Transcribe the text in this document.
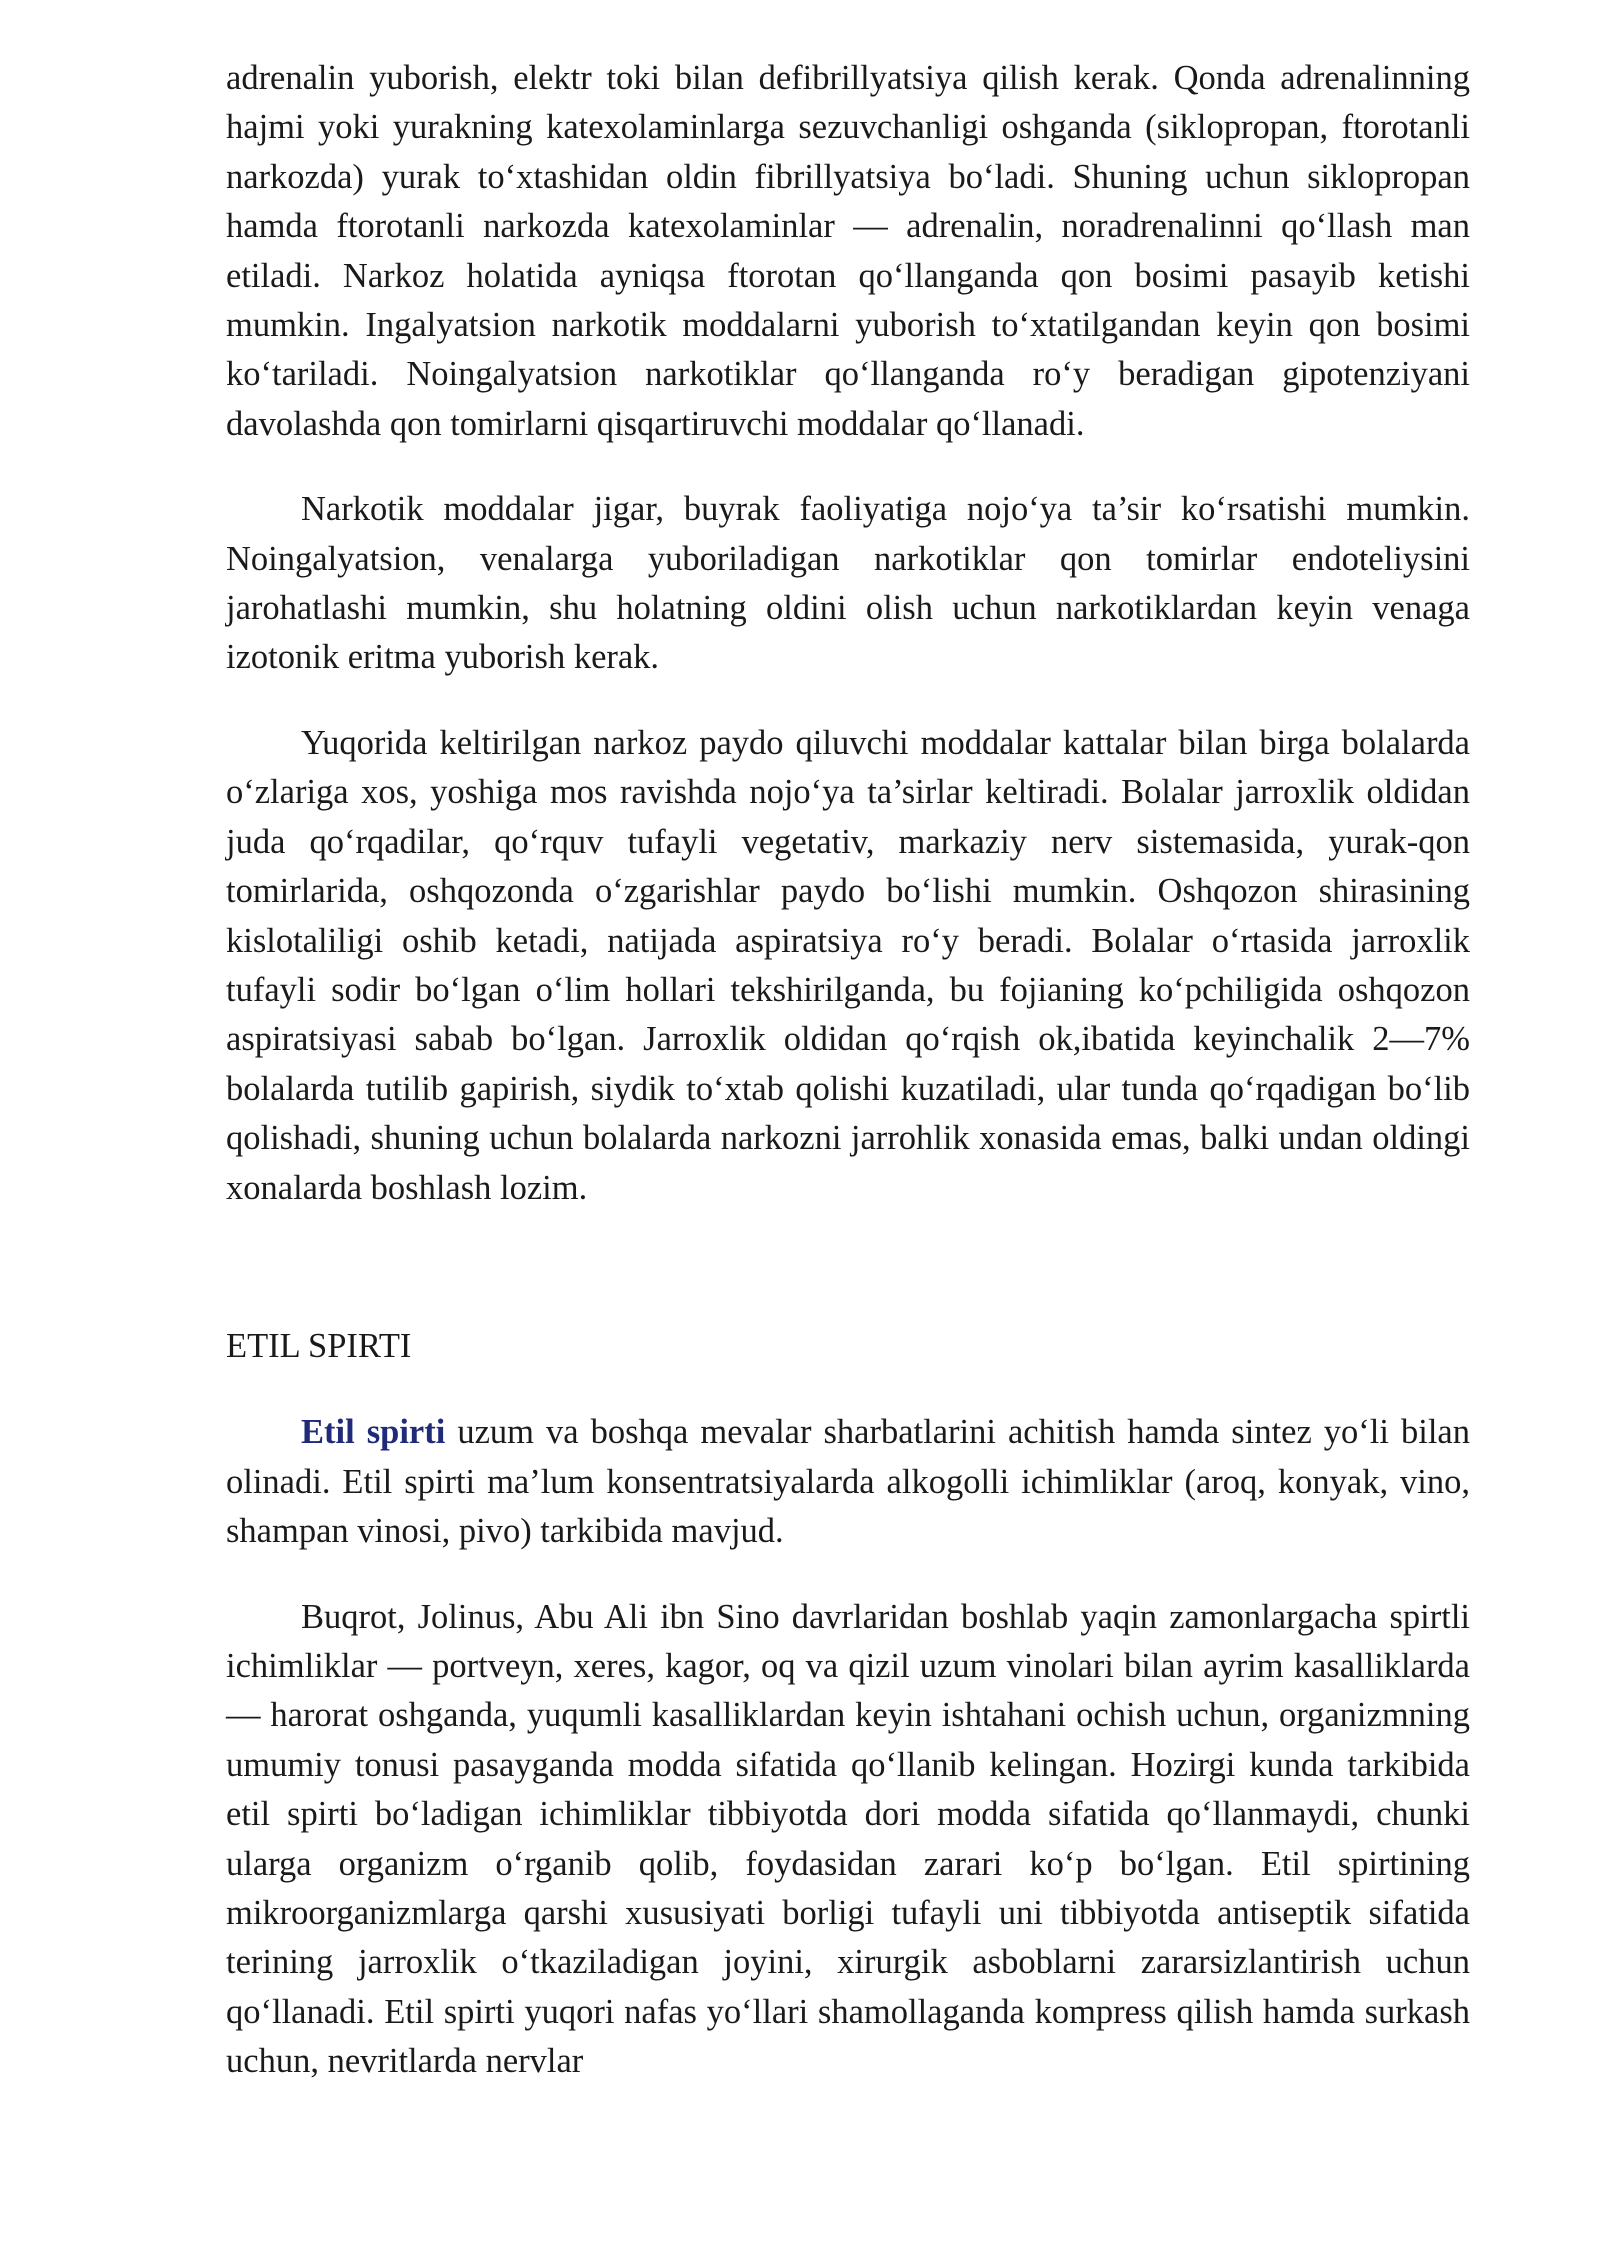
adrenalin yuborish, elektr toki bilan defibrillyatsiya qilish kerak. Qonda adrenalinning hajmi yoki yurakning katexolaminlarga sezuvchanligi oshganda (siklopropan, ftorotanli narkozda) yurak to‘xtashidan oldin fibrillyatsiya bo‘ladi. Shuning uchun siklopropan hamda ftorotanli narkozda katexolaminlar — adrenalin, noradrenalinni qo‘llash man etiladi. Narkoz holatida ayniqsa ftorotan qo‘llanganda qon bosimi pasayib ketishi mumkin. Ingalyatsion narkotik moddalarni yuborish to‘xtatilgandan keyin qon bosimi ko‘tariladi. Noingalyatsion narkotiklar qo‘llanganda ro‘y beradigan gipotenziyani davolashda qon tomirlarni qisqartiruvchi moddalar qo‘llanadi.

Narkotik moddalar jigar, buyrak faoliyatiga nojo‘ya ta’sir ko‘rsatishi mumkin. Noingalyatsion, venalarga yuboriladigan narkotiklar qon tomirlar endoteliysini jarohatlashi mumkin, shu holatning oldini olish uchun narkotiklardan keyin venaga izotonik eritma yuborish kerak.

Yuqorida keltirilgan narkoz paydo qiluvchi moddalar kattalar bilan birga bolalarda o‘zlariga xos, yoshiga mos ravishda nojo‘ya ta’sirlar keltiradi. Bolalar jarroxlik oldidan juda qo‘rqadilar, qo‘rquv tufayli vegetativ, markaziy nerv sistemasida, yurak-qon tomirlarida, oshqozonda o‘zgarishlar paydo bo‘lishi mumkin. Oshqozon shirasining kislotaliligi oshib ketadi, natijada aspiratsiya ro‘y beradi. Bolalar o‘rtasida jarroxlik tufayli sodir bo‘lgan o‘lim hollari tekshirilganda, bu fojianing ko‘pchiligida oshqozon aspiratsiyasi sabab bo‘lgan. Jarroxlik oldidan qo‘rqish ok,ibatida keyinchalik 2—7% bolalarda tutilib gapirish, siydik to‘xtab qolishi kuzatiladi, ular tunda qo‘rqadigan bo‘lib qolishadi, shuning uchun bolalarda narkozni jarrohlik xonasida emas, balki undan oldingi xonalarda boshlash lozim.

ETIL SPIRTI

Etil spirti uzum va boshqa mevalar sharbatlarini achitish hamda sintez yo‘li bilan olinadi. Etil spirti ma’lum konsentratsiyalarda alkogolli ichimliklar (aroq, konyak, vino, shampan vinosi, pivo) tarkibida mavjud.

Buqrot, Jolinus, Abu Ali ibn Sino davrlaridan boshlab yaqin zamonlargacha spirtli ichimliklar — portveyn, xeres, kagor, oq va qizil uzum vinolari bilan ayrim kasalliklarda — harorat oshganda, yuqumli kasalliklardan keyin ishtahani ochish uchun, organizmning umumiy tonusi pasayganda modda sifatida qo‘llanib kelingan. Hozirgi kunda tarkibida etil spirti bo‘ladigan ichimliklar tibbiyotda dori modda sifatida qo‘llanmaydi, chunki ularga organizm o‘rganib qolib, foydasidan zarari ko‘p bo‘lgan. Etil spirtining mikroorganizmlarga qarshi xususiyati borligi tufayli uni tibbiyotda antiseptik sifatida terining jarroxlik o‘tkaziladigan joyini, xirurgik asboblarni zararsizlantirish uchun qo‘llanadi. Etil spirti yuqori nafas yo‘llari shamollaganda kompress qilish hamda surkash uchun, nevritlarda nervlar
